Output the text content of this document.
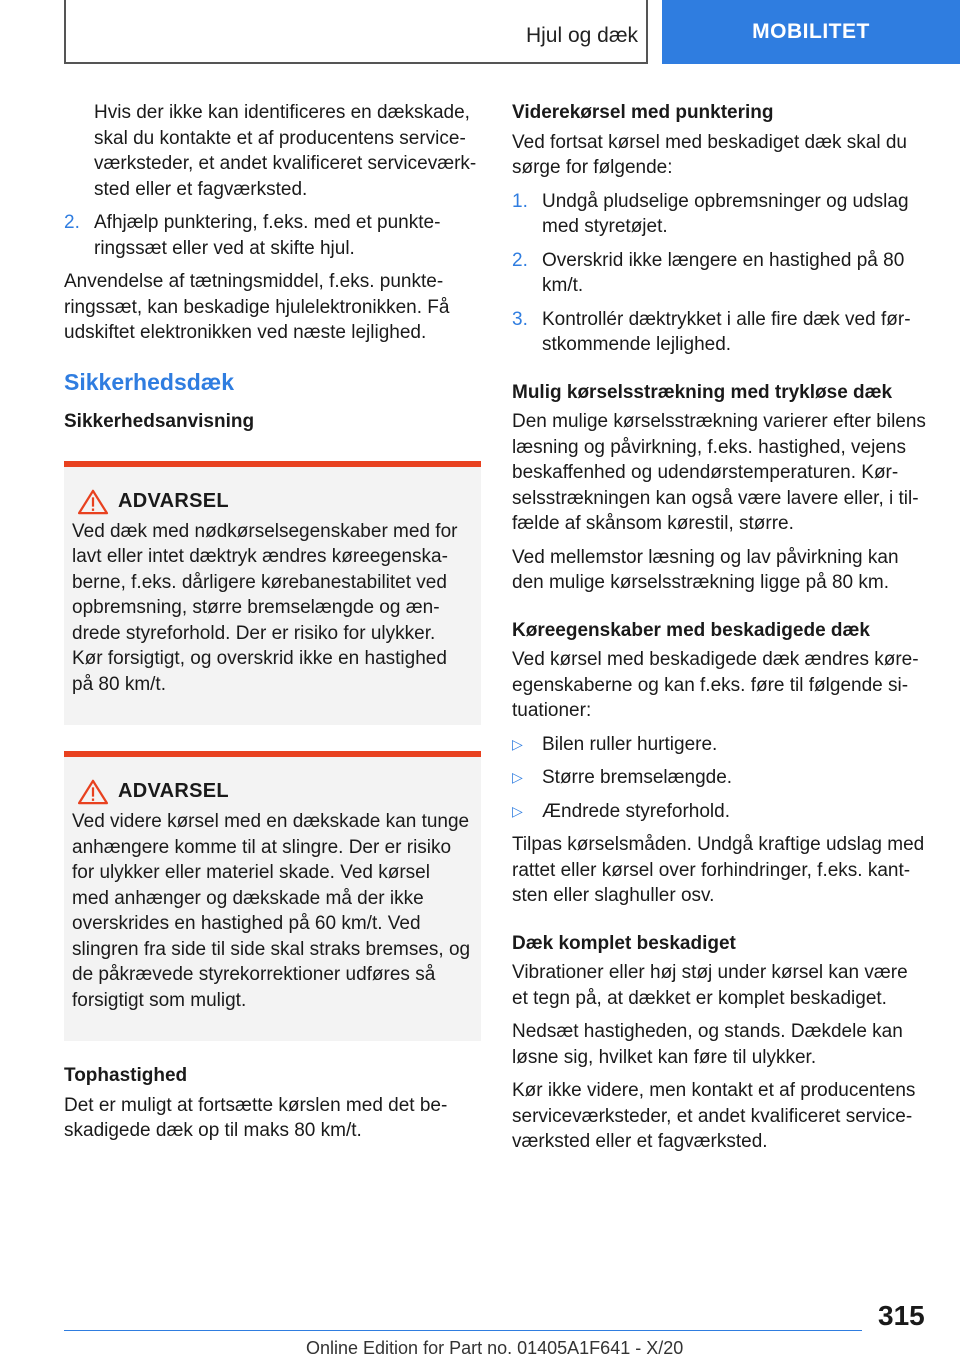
Hjul og dæk	MOBILITET

Hvis der ikke kan identificeres en dækskade, skal du kontakte et af producentens serviceværksteder, et andet kvalificeret serviceværksted eller et fagværksted.

2. Afhjælp punktering, f.eks. med et punkteringssæt eller ved at skifte hjul.

Anvendelse af tætningsmiddel, f.eks. punkteringssæt, kan beskadige hjulelektronikken. Få udskiftet elektronikken ved næste lejlighed.

Sikkerhedsdæk
Sikkerhedsanvisning
ADVARSEL

Ved dæk med nødkørselsegenskaber med for lavt eller intet dæktryk ændres køreegenskaberne, f.eks. dårligere kørebanestabilitet ved opbremsning, større bremselængde og ændrede styreforhold. Der er risiko for ulykker. Kør forsigtigt, og overskrid ikke en hastighed på 80 km/t.

ADVARSEL

Ved videre kørsel med en dækskade kan tunge anhængere komme til at slingre. Der er risiko for ulykker eller materiel skade. Ved kørsel med anhænger og dækskade må der ikke overskrides en hastighed på 60 km/t. Ved slingren fra side til side skal straks bremses, og de påkrævede styrekorrektioner udføres så forsigtigt som muligt.

Tophastighed

Det er muligt at fortsætte kørslen med det beskadigede dæk op til maks 80 km/t.

Viderekørsel med punktering

Ved fortsat kørsel med beskadiget dæk skal du sørge for følgende:

1. Undgå pludselige opbremsninger og udslag med styretøjet.
2. Overskrid ikke længere en hastighed på 80 km/t.
3. Kontrollér dæktrykket i alle fire dæk ved førstkommende lejlighed.
Mulig kørselsstrækning med trykløse dæk

Den mulige kørselsstrækning varierer efter bilens læsning og påvirkning, f.eks. hastighed, vejens beskaffenhed og udendørstemperaturen. Kørselsstrækningen kan også være lavere eller, i tilfælde af skånsom kørestil, større.

Ved mellemstor læsning og lav påvirkning kan den mulige kørselsstrækning ligge på 80 km.

Køreegenskaber med beskadigede dæk

Ved kørsel med beskadigede dæk ændres køreegenskaberne og kan f.eks. føre til følgende situationer:

▷	Bilen ruller hurtigere.
▷	Større bremselængde.
▷	Ændrede styreforhold.

Tilpas kørselsmåden. Undgå kraftige udslag med rattet eller kørsel over forhindringer, f.eks. kantsten eller slaghuller osv.

Dæk komplet beskadiget

Vibrationer eller høj støj under kørsel kan være et tegn på, at dækket er komplet beskadiget.

Nedsæt hastigheden, og stands. Dækdele kan løsne sig, hvilket kan føre til ulykker.

Kør ikke videre, men kontakt et af producentens serviceværksteder, et andet kvalificeret serviceværksted eller et fagværksted.

315
Online Edition for Part no. 01405A1F641 - X/20
